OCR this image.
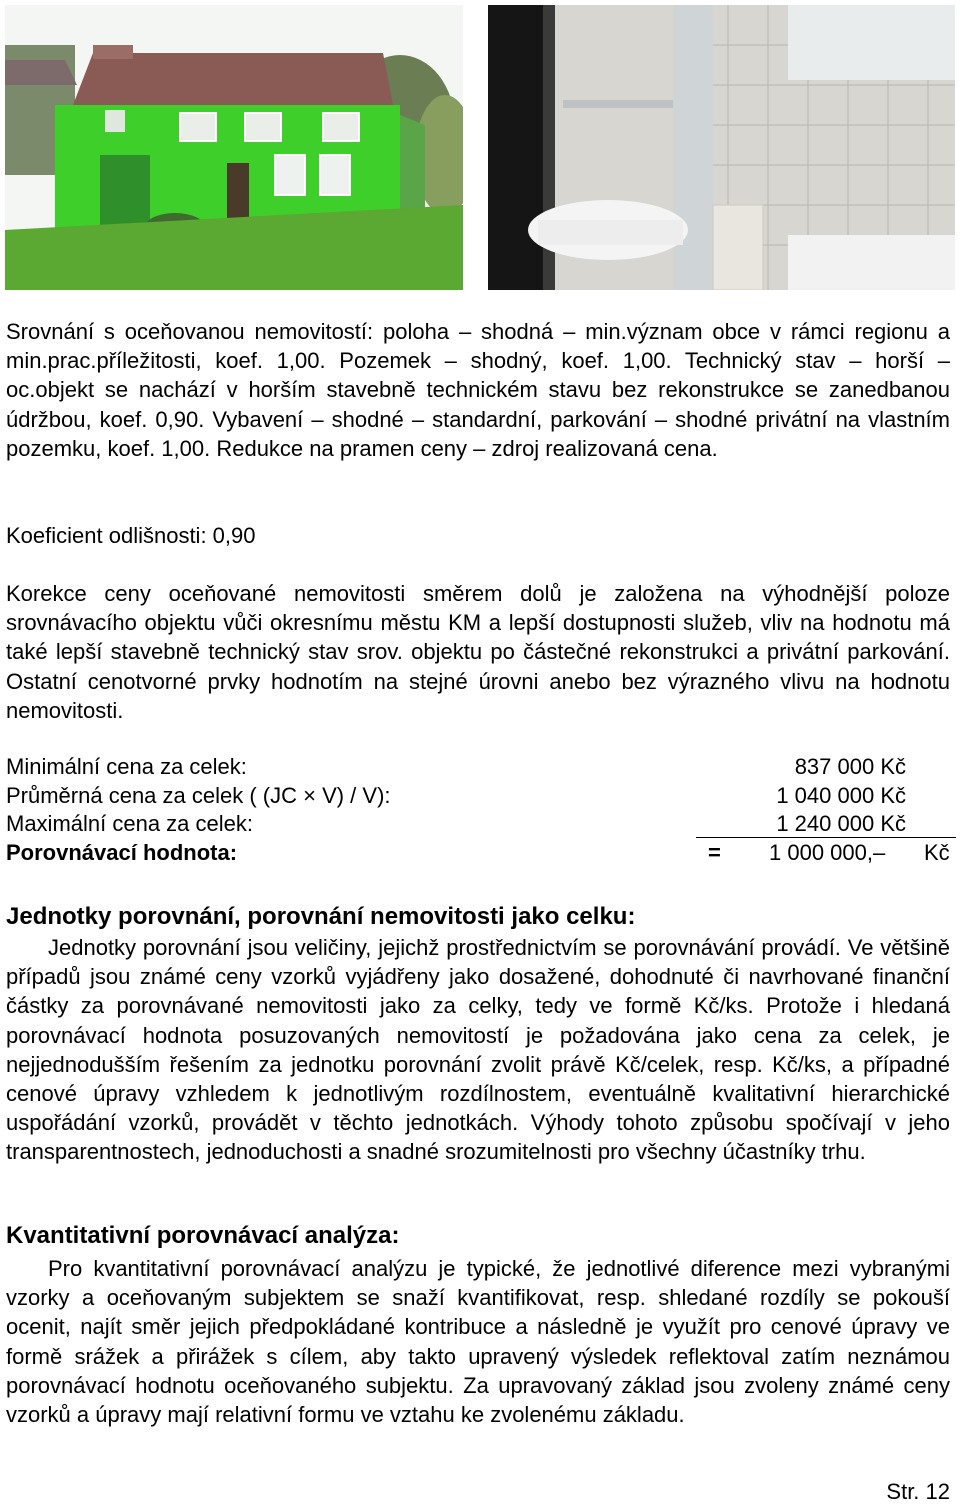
Srovnání s oceňovanou nemovitostí: poloha – shodná – min.význam obce v rámci regionu a min.prac.příležitosti, koef. 1,00. Pozemek – shodný, koef. 1,00. Technický stav – horší – oc.objekt se nachází v horším stavebně technickém stavu bez rekonstrukce se zanedbanou údržbou, koef. 0,90. Vybavení – shodné – standardní, parkování – shodné privátní na vlastním pozemku, koef. 1,00. Redukce na pramen ceny – zdroj realizovaná cena.
Koeficient odlišnosti: 0,90
Korekce ceny oceňované nemovitosti směrem dolů je založena na výhodnější poloze srovnávacího objektu vůči okresnímu městu KM a lepší dostupnosti služeb, vliv na hodnotu má také lepší stavebně technický stav srov. objektu po částečné rekonstrukci a privátní parkování. Ostatní cenotvorné prvky hodnotím na stejné úrovni anebo bez výrazného vlivu na hodnotu nemovitosti.
Minimální cena za celek:	837 000 Kč
Průměrná cena za celek ( (JC × V) / V):	1 040 000 Kč
Maximální cena za celek:	1 240 000 Kč
Porovnávací hodnota:	= 1 000 000,– Kč
Jednotky porovnání, porovnání nemovitosti jako celku:
Jednotky porovnání jsou veličiny, jejichž prostřednictvím se porovnávání provádí. Ve většině případů jsou známé ceny vzorků vyjádřeny jako dosažené, dohodnuté či navrhované finanční částky za porovnávané nemovitosti jako za celky, tedy ve formě Kč/ks. Protože i hledaná porovnávací hodnota posuzovaných nemovitostí je požadována jako cena za celek, je nejjednodušším řešením za jednotku porovnání zvolit právě Kč/celek, resp. Kč/ks, a případné cenové úpravy vzhledem k jednotlivým rozdílnostem, eventuálně kvalitativní hierarchické uspořádání vzorků, provádět v těchto jednotkách. Výhody tohoto způsobu spočívají v jeho transparentnostech, jednoduchosti a snadné srozumitelnosti pro všechny účastníky trhu.
Kvantitativní porovnávací analýza:
Pro kvantitativní porovnávací analýzu je typické, že jednotlivé diference mezi vybranými vzorky a oceňovaným subjektem se snaží kvantifikovat, resp. shledané rozdíly se pokouší ocenit, najít směr jejich předpokládané kontribuce a následně je využít pro cenové úpravy ve formě srážek a přirážek s cílem, aby takto upravený výsledek reflektoval zatím neznámou porovnávací hodnotu oceňovaného subjektu. Za upravovaný základ jsou zvoleny známé ceny vzorků a úpravy mají relativní formu ve vztahu ke zvolenému základu.
Str. 12
